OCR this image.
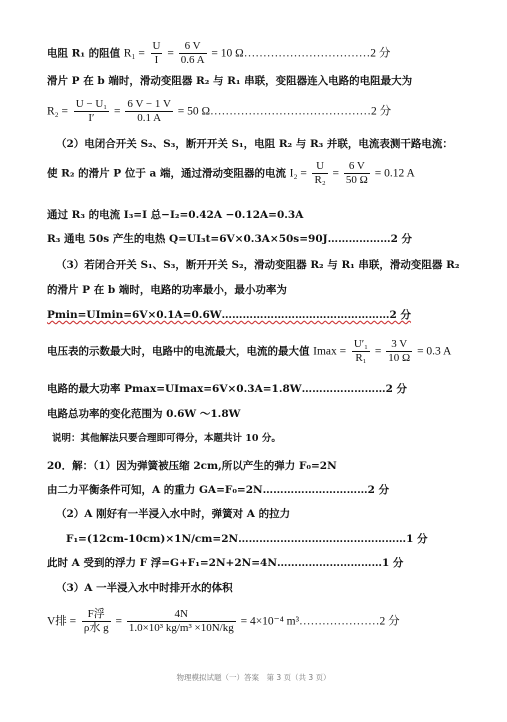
电阻 R₁ 的阻值 $R_1 = \frac{U}{I} = \frac{6 V}{0.6 A} = 10$ Ω……………………………2 分
滑片 P 在 b 端时，滑动变阻器 R₂ 与 R₁ 串联，变阻器连入电路的电阻最大为
$R_2 = \frac{\text{U − U₁}}{I'} = \frac{6 V - 1 V}{0.1 A} = 50$ Ω……………………………………2 分
（2）电闭合开关 S₂、S₃，断开开关 S₁，电阻 R₂ 与 R₃ 并联，电流表测干路电流：
使 R₂ 的滑片 P 位于 a 端，通过滑动变阻器的电流 $I_2 = \frac{U}{\text{R₂}} = \frac{6 V}{50 \Omega} = 0.12$ A
通过 R₃ 的电流 I₃=I 总−I₂=0.42A −0.12A=0.3A
R₃ 通电 50s 产生的电热 Q=UI₃t=6V×0.3A×50s=90J………………2 分
（3）若闭合开关 S₁、S₃，断开开关 S₂，滑动变阻器 R₂ 与 R₁ 串联，滑动变阻器 R₂
的滑片 P 在 b 端时，电路的功率最小，最小功率为
Pmin=UImin=6V×0.1A=0.6W…………………………………………2 分
电压表的示数最大时，电路中的电流最大，电流的最大值 $Imax = \frac{\text{U′₁}}{\text{R₁}} = \frac{3 V}{10 \Omega} = 0.3$ A
电路的最大功率 Pmax=UImax=6V×0.3A=1.8W……………………2 分
电路总功率的变化范围为 0.6W ～1.8W
说明：其他解法只要合理即可得分，本题共计 10 分。
20．解：（1）因为弹簧被压缩 2cm,所以产生的弹力 F₀=2N
由二力平衡条件可知，A 的重力 GA=F₀=2N…………………………2 分
（2）A 刚好有一半浸入水中时，弹簧对 A 的拉力
F₁=(12cm-10cm)×1N/cm=2N…………………………………………1 分
此时 A 受到的浮力 F 浮=G+F₁=2N+2N=4N…………………………1 分
（3）A 一半浸入水中时排开水的体积
V排 = $\frac{\text{F浮}}{\text{ρ水 g}} = \frac{4N}{\text{1.0×10³ kg/m³ ×10N/kg}} = 4\times 10^{-4}$ m³…………………2 分
物理模拟试题（一）答案　第 3 页（共 3 页）
